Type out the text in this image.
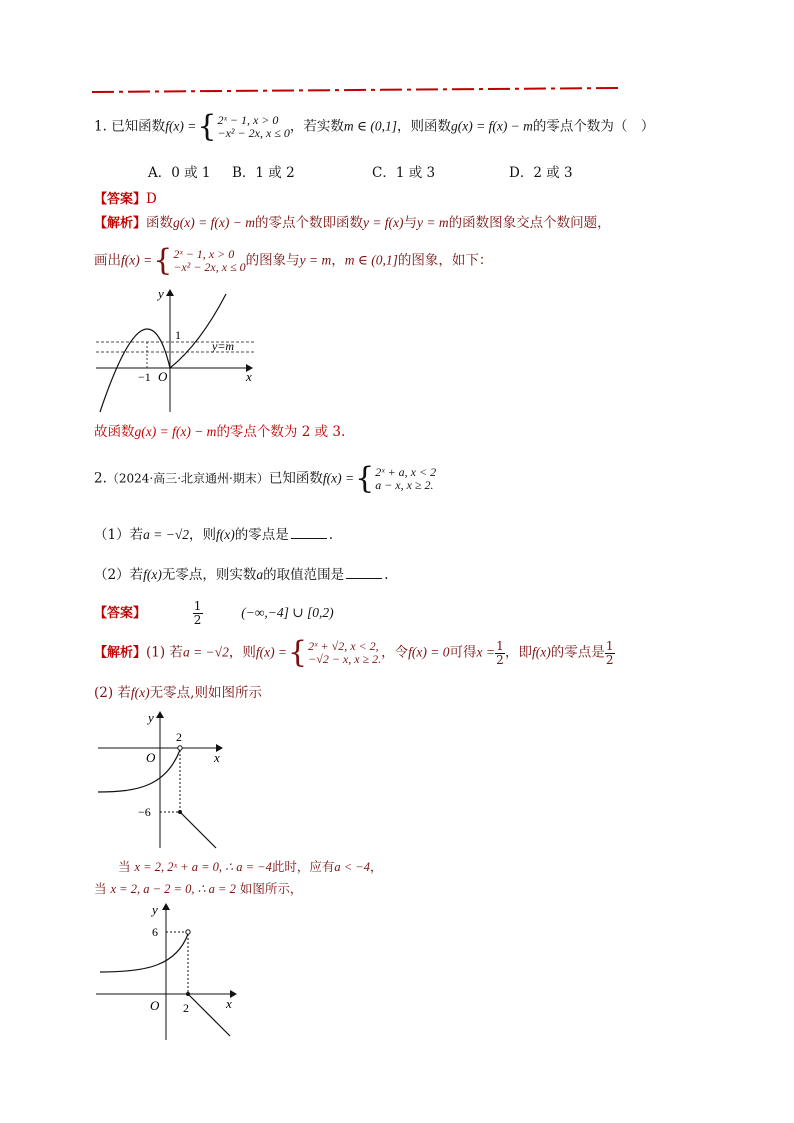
1. 已知函数f(x) = { 2ˣ − 1, x > 0
−x² − 2x, x ≤ 0 ，若实数m ∈ (0,1]，则函数g(x) = f(x) − m的零点个数为（　）
A．0 或 1 B．1 或 2	C．1 或 3	D．2 或 3
【答案】D
【解析】函数g(x) = f(x) − m的零点个数即函数y = f(x)与y = m的函数图象交点个数问题，
画出f(x) = { 2ˣ − 1, x > 0
−x² − 2x, x ≤ 0 的图象与y = m，m ∈ (0,1]的图象，如下：
y
x
O
1
−1
y=m
故函数g(x) = f(x) − m的零点个数为 2 或 3.
2.（2024·高三·北京通州·期末）已知函数f(x) = { 2ˣ + a, x < 2
a − x, x ≥ 2.
（1）若a = −√2，则f(x)的零点是	.
（2）若f(x)无零点，则实数a的取值范围是	.
【答案】	$\frac{1}{2}$	(−∞,−4] ∪ [0,2)
【解析】(1) 若a = −√2，则f(x) = { 2ˣ + √2, x < 2,
−√2 − x, x ≥ 2. ，令f(x) = 0可得$x = \frac{1}{2}$ ，即f(x)的零点是 $\frac{1}{2}$
(2) 若f(x)无零点,则如图所示
y
x
O
2
−6
当 x = 2, 2ˣ + a = 0, ∴ a = −4此时，应有a < −4，
当 x = 2, a − 2 = 0, ∴ a = 2 如图所示，
y
x
O 2
6
